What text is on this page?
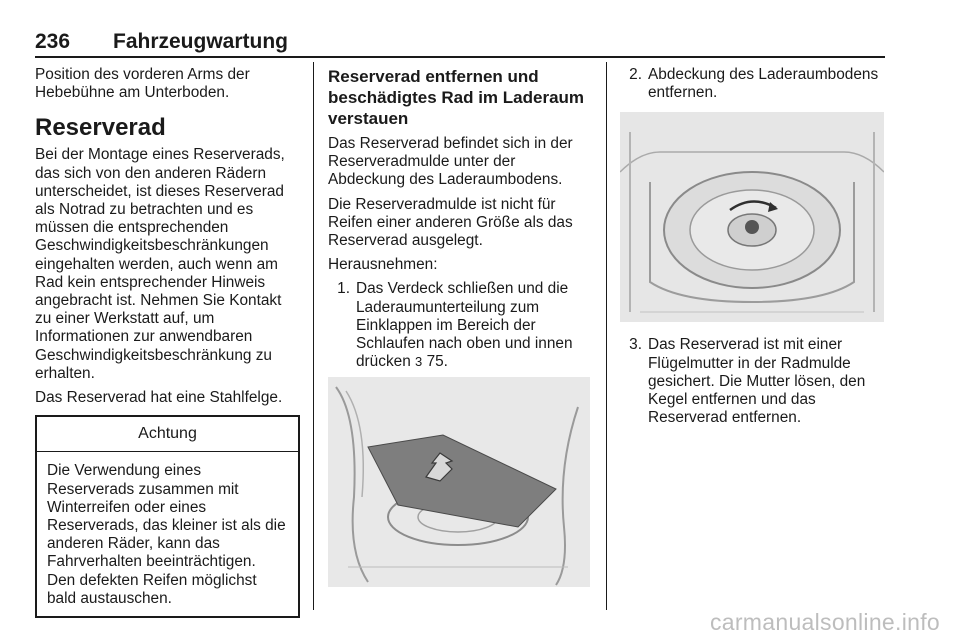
236 Fahrzeugwartung

Position des vorderen Arms der Hebebühne am Unterboden.

Reserverad

Bei der Montage eines Reserverads, das sich von den anderen Rädern unterscheidet, ist dieses Reserverad als Notrad zu betrachten und es müssen die entsprechenden Geschwindigkeitsbeschränkungen eingehalten werden, auch wenn am Rad kein entsprechender Hinweis angebracht ist. Nehmen Sie Kontakt zu einer Werkstatt auf, um Informationen zur anwendbaren Geschwindigkeitsbeschränkung zu erhalten.

Das Reserverad hat eine Stahlfelge.

Achtung
Die Verwendung eines Reserverads zusammen mit Winterreifen oder eines Reserverads, das kleiner ist als die anderen Räder, kann das Fahrverhalten beeinträchtigen. Den defekten Reifen möglichst bald austauschen.
Reserverad entfernen und beschädigtes Rad im Laderaum verstauen

Das Reserverad befindet sich in der Reserveradmulde unter der Abdeckung des Laderaumbodens.

Die Reserveradmulde ist nicht für Reifen einer anderen Größe als das Reserverad ausgelegt.

Herausnehmen:

1. Das Verdeck schließen und die Laderaumunterteilung zum Einklappen im Bereich der Schlaufen nach oben und innen drücken 3 75.
2. Abdeckung des Laderaumbodens entfernen.
3. Das Reserverad ist mit einer Flügelmutter in der Radmulde gesichert. Die Mutter lösen, den Kegel entfernen und das Reserverad entfernen.
carmanualsonline.info
